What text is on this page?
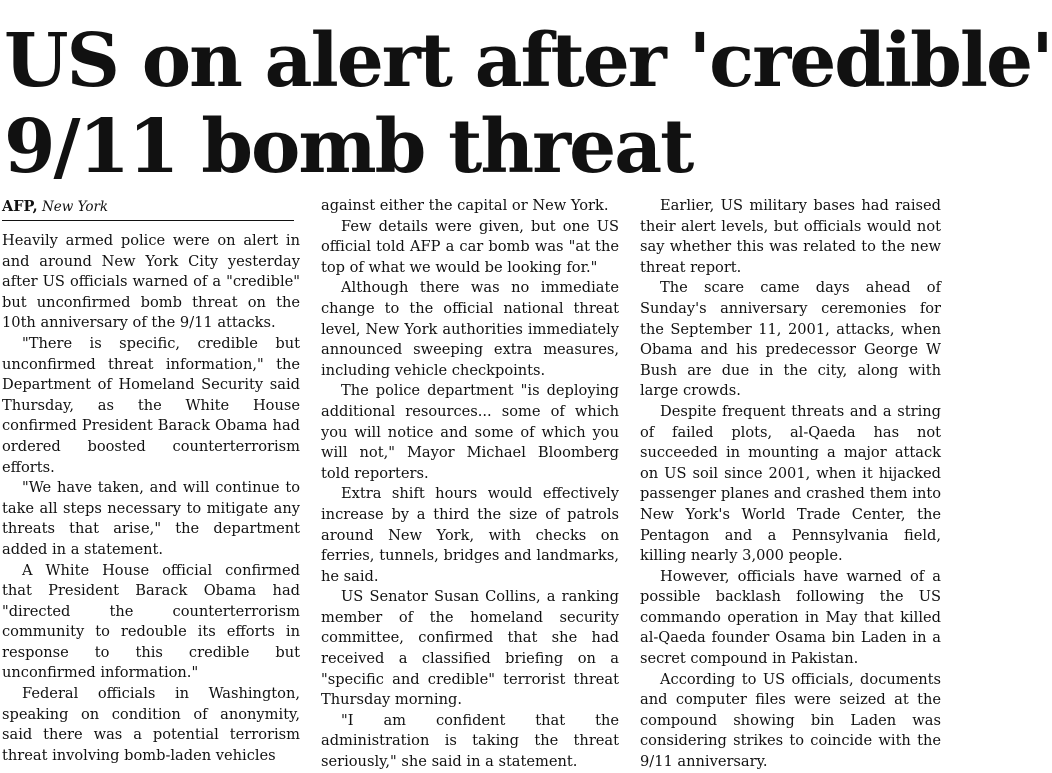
US on alert after 'credible'
9/11 bomb threat
AFP, New York

Heavily armed police were on alert in and around New York City yesterday after US officials warned of a "credible" but unconfirmed bomb threat on the 10th anniversary of the 9/11 attacks.

"There is specific, credible but unconfirmed threat information," the Department of Homeland Security said Thursday, as the White House confirmed President Barack Obama had ordered boosted counterterrorism efforts.

"We have taken, and will continue to take all steps necessary to mitigate any threats that arise," the department added in a statement.

A White House official confirmed that President Barack Obama had "directed the counterterrorism community to redouble its efforts in response to this credible but unconfirmed information."

Federal officials in Washington, speaking on condition of anonymity, said there was a potential terrorism threat involving bomb-laden vehicles

against either the capital or New York.

Few details were given, but one US official told AFP a car bomb was "at the top of what we would be looking for."

Although there was no immediate change to the official national threat level, New York authorities immediately announced sweeping extra measures, including vehicle checkpoints.

The police department "is deploying additional resources... some of which you will notice and some of which you will not," Mayor Michael Bloomberg told reporters.

Extra shift hours would effectively increase by a third the size of patrols around New York, with checks on ferries, tunnels, bridges and landmarks, he said.

US Senator Susan Collins, a ranking member of the homeland security committee, confirmed that she had received a classified briefing on a "specific and credible" terrorist threat Thursday morning.

"I am confident that the administration is taking the threat seriously," she said in a statement.

Earlier, US military bases had raised their alert levels, but officials would not say whether this was related to the new threat report.

The scare came days ahead of Sunday's anniversary ceremonies for the September 11, 2001, attacks, when Obama and his predecessor George W Bush are due in the city, along with large crowds.

Despite frequent threats and a string of failed plots, al-Qaeda has not succeeded in mounting a major attack on US soil since 2001, when it hijacked passenger planes and crashed them into New York's World Trade Center, the Pentagon and a Pennsylvania field, killing nearly 3,000 people.

However, officials have warned of a possible backlash following the US commando operation in May that killed al-Qaeda founder Osama bin Laden in a secret compound in Pakistan.

According to US officials, documents and computer files were seized at the compound showing bin Laden was considering strikes to coincide with the 9/11 anniversary.
